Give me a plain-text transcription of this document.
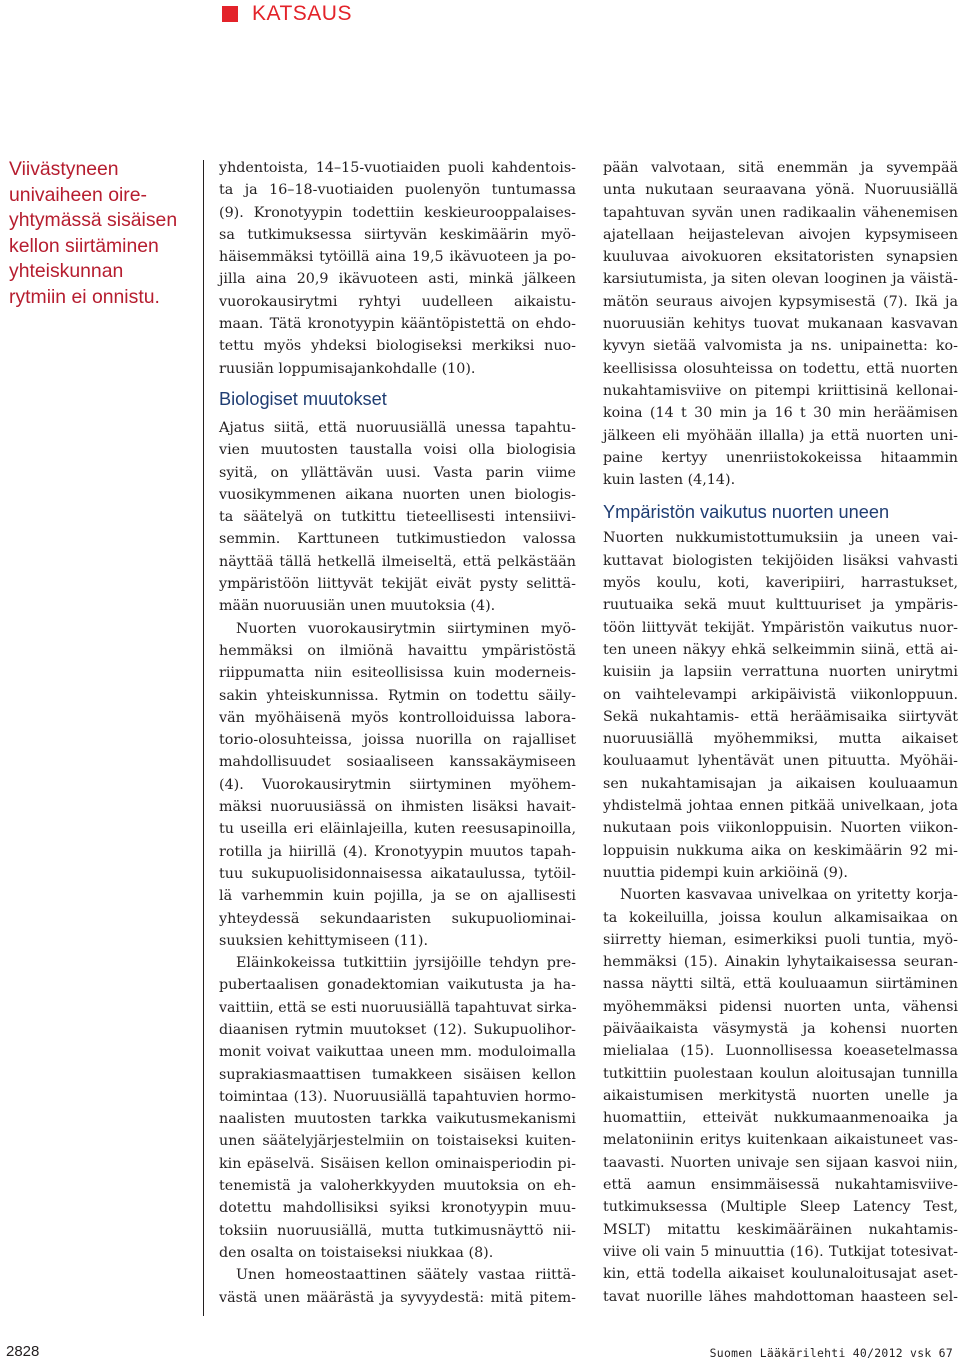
KATSAUS
Viivästyneen
univaiheen oire-
yhtymässä sisäisen
kellon siirtäminen
yhteiskunnan
rytmiin ei onnistu.
yhdentoista, 14–15-vuotiaiden puoli kahdentois-
ta ja 16–18-vuotiaiden puolenyön tuntumassa
(9). Kronotyypin todettiin keskieurooppalaises-
sa tutkimuksessa siirtyvän keskimäärin myö-
häisemmäksi tytöillä aina 19,5 ikävuoteen ja po-
jilla aina 20,9 ikävuoteen asti, minkä jälkeen
vuorokausirytmi ryhtyi uudelleen aikaistu-
maan. Tätä kronotyypin kääntöpistettä on ehdo-
tettu myös yhdeksi biologiseksi merkiksi nuo-
ruusiän loppumisajankohdalle (10).
Biologiset muutokset
Ajatus siitä, että nuoruusiällä unessa tapahtu-
vien muutosten taustalla voisi olla biologisia
syitä, on yllättävän uusi. Vasta parin viime
vuosikymmenen aikana nuorten unen biologis-
ta säätelyä on tutkittu tieteellisesti intensiivi-
semmin. Karttuneen tutkimustiedon valossa
näyttää tällä hetkellä ilmeiseltä, että pelkästään
ympäristöön liittyvät tekijät eivät pysty selittä-
mään nuoruusiän unen muutoksia (4).
Nuorten vuorokausirytmin siirtyminen myö-
hemmäksi on ilmiönä havaittu ympäristöstä
riippumatta niin esiteollisissa kuin moderneis-
sakin yhteiskunnissa. Rytmin on todettu säily-
vän myöhäisenä myös kontrolloiduissa labora-
torio-olosuhteissa, joissa nuorilla on rajalliset
mahdollisuudet sosiaaliseen kanssakäymiseen
(4). Vuorokausirytmin siirtyminen myöhem-
mäksi nuoruusiässä on ihmisten lisäksi havait-
tu useilla eri eläinlajeilla, kuten reesusapinoilla,
rotilla ja hiirillä (4). Kronotyypin muutos tapah-
tuu sukupuolisidonnaisessa aikataulussa, tytöil-
lä varhemmin kuin pojilla, ja se on ajallisesti
yhteydessä sekundaaristen sukupuoliominai-
suuksien kehittymiseen (11).
Eläinkokeissa tutkittiin jyrsijöille tehdyn pre-
pubertaalisen gonadektomian vaikutusta ja ha-
vaittiin, että se esti nuoruusiällä tapahtuvat sirka-
diaanisen rytmin muutokset (12). Sukupuolihor-
monit voivat vaikuttaa uneen mm. moduloimalla
suprakiasmaattisen tumakkeen sisäisen kellon
toimintaa (13). Nuoruusiällä tapahtuvien hormo-
naalisten muutosten tarkka vaikutusmekanismi
unen säätelyjärjestelmiin on toistaiseksi kuiten-
kin epäselvä. Sisäisen kellon ominaisperiodin pi-
tenemistä ja valoherkkyyden muutoksia on eh-
dotettu mahdollisiksi syiksi kronotyypin muu-
toksiin nuoruusiällä, mutta tutkimusnäyttö nii-
den osalta on toistaiseksi niukkaa (8).
Unen homeostaattinen säätely vastaa riittä-
västä unen määrästä ja syvyydestä: mitä pitem-
pään valvotaan, sitä enemmän ja syvempää
unta nukutaan seuraavana yönä. Nuoruusiällä
tapahtuvan syvän unen radikaalin vähenemisen
ajatellaan heijastelevan aivojen kypsymiseen
kuuluvaa aivokuoren eksitatoristen synapsien
karsiutumista, ja siten olevan looginen ja väistä-
mätön seuraus aivojen kypsymisestä (7). Ikä ja
nuoruusiän kehitys tuovat mukanaan kasvavan
kyvyn sietää valvomista ja ns. unipainetta: ko-
keellisissa olosuhteissa on todettu, että nuorten
nukahtamisviive on pitempi kriittisinä kellonai-
koina (14 t 30 min ja 16 t 30 min heräämisen
jälkeen eli myöhään illalla) ja että nuorten uni-
paine kertyy unenriistokokeissa hitaammin
kuin lasten (4,14).
Ympäristön vaikutus nuorten uneen
Nuorten nukkumistottumuksiin ja uneen vai-
kuttavat biologisten tekijöiden lisäksi vahvasti
myös koulu, koti, kaveripiiri, harrastukset,
ruutuaika sekä muut kulttuuriset ja ympäris-
töön liittyvät tekijät. Ympäristön vaikutus nuor-
ten uneen näkyy ehkä selkeimmin siinä, että ai-
kuisiin ja lapsiin verrattuna nuorten unirytmi
on vaihtelevampi arkipäivistä viikonloppuun.
Sekä nukahtamis- että heräämisaika siirtyvät
nuoruusiällä myöhemmiksi, mutta aikaiset
kouluaamut lyhentävät unen pituutta. Myöhäi-
sen nukahtamisajan ja aikaisen kouluaamun
yhdistelmä johtaa ennen pitkää univelkaan, jota
nukutaan pois viikonloppuisin. Nuorten viikon-
loppuisin nukkuma aika on keskimäärin 92 mi-
nuuttia pidempi kuin arkiöinä (9).
Nuorten kasvavaa univelkaa on yritetty korja-
ta kokeiluilla, joissa koulun alkamisaikaa on
siirretty hieman, esimerkiksi puoli tuntia, myö-
hemmäksi (15). Ainakin lyhytaikaisessa seuran-
nassa näytti siltä, että kouluaamun siirtäminen
myöhemmäksi pidensi nuorten unta, vähensi
päiväaikaista väsymystä ja kohensi nuorten
mielialaa (15). Luonnollisessa koeasetelmassa
tutkittiin puolestaan koulun aloitusajan tunnilla
aikaistumisen merkitystä nuorten unelle ja
huomattiin, etteivät nukkumaanmenoaika ja
melatoniinin eritys kuitenkaan aikaistuneet vas-
taavasti. Nuorten univaje sen sijaan kasvoi niin,
että aamun ensimmäisessä nukahtamisviive-
tutkimuksessa (Multiple Sleep Latency Test,
MSLT) mitattu keskimääräinen nukahtamis-
viive oli vain 5 minuuttia (16). Tutkijat totesivat-
kin, että todella aikaiset koulunaloitusajat aset-
tavat nuorille lähes mahdottoman haasteen sel-
2828	Suomen Lääkärilehti 40/2012 vsk 67
